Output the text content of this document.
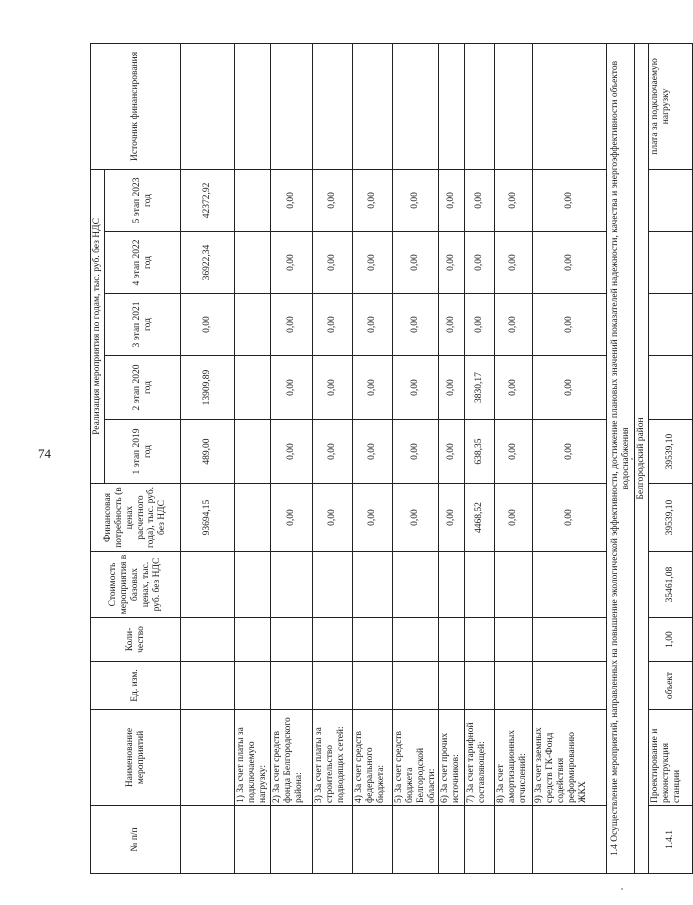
74
№ п/п	Наименование мероприятий	Ед. изм.	Коли-чество	Стоимость мероприятия в базовых ценах, тыс. руб. без НДС	Финансовая потребность (в ценах расчетного года), тыс. руб. без НДС	Реализация мероприятия по годам, тыс. руб. без НДС					Источник финансирования
						1 этап 2019 год	2 этап 2020 год	3 этап 2021 год	4 этап 2022 год	5 этап 2023 год	
					93694,15	489,00	13909,89	0,00	36922,34	42372,92	
	1) За счет платы за подключаемую нагрузку:										
	2) За счет средств фонда Белгородского района:				0,00	0,00	0,00	0,00	0,00	0,00	
	3) За счет платы за строительство подводящих сетей:				0,00	0,00	0,00	0,00	0,00	0,00	
	4) За счет средств федерального бюджета:				0,00	0,00	0,00	0,00	0,00	0,00	
	5) За счет средств бюджета Белгородской области:				0,00	0,00	0,00	0,00	0,00	0,00	
	6) За счет прочих источников:				0,00	0,00	0,00	0,00	0,00	0,00	
	7) За счет тарифной составляющей:				4468,52	638,35	3830,17	0,00	0,00	0,00	
	8) За счет амортизационных отчислений:				0,00	0,00	0,00	0,00	0,00	0,00	
	9) За счет заемных средств ГК-Фонд содействия реформированию ЖКХ				0,00	0,00	0,00	0,00	0,00	0,00	
1.4 Осуществление мероприятий, направленных на повышение экологической эффективности, достижение плановых значений показателей надежности, качества и энергоэффективности объектов водоснабжения											
Белгородский район											
1.4.1	Проектирование и реконструкция станции	объект	1,00	35461,08	39539,10	39539,10					плата за подключаемую нагрузку
